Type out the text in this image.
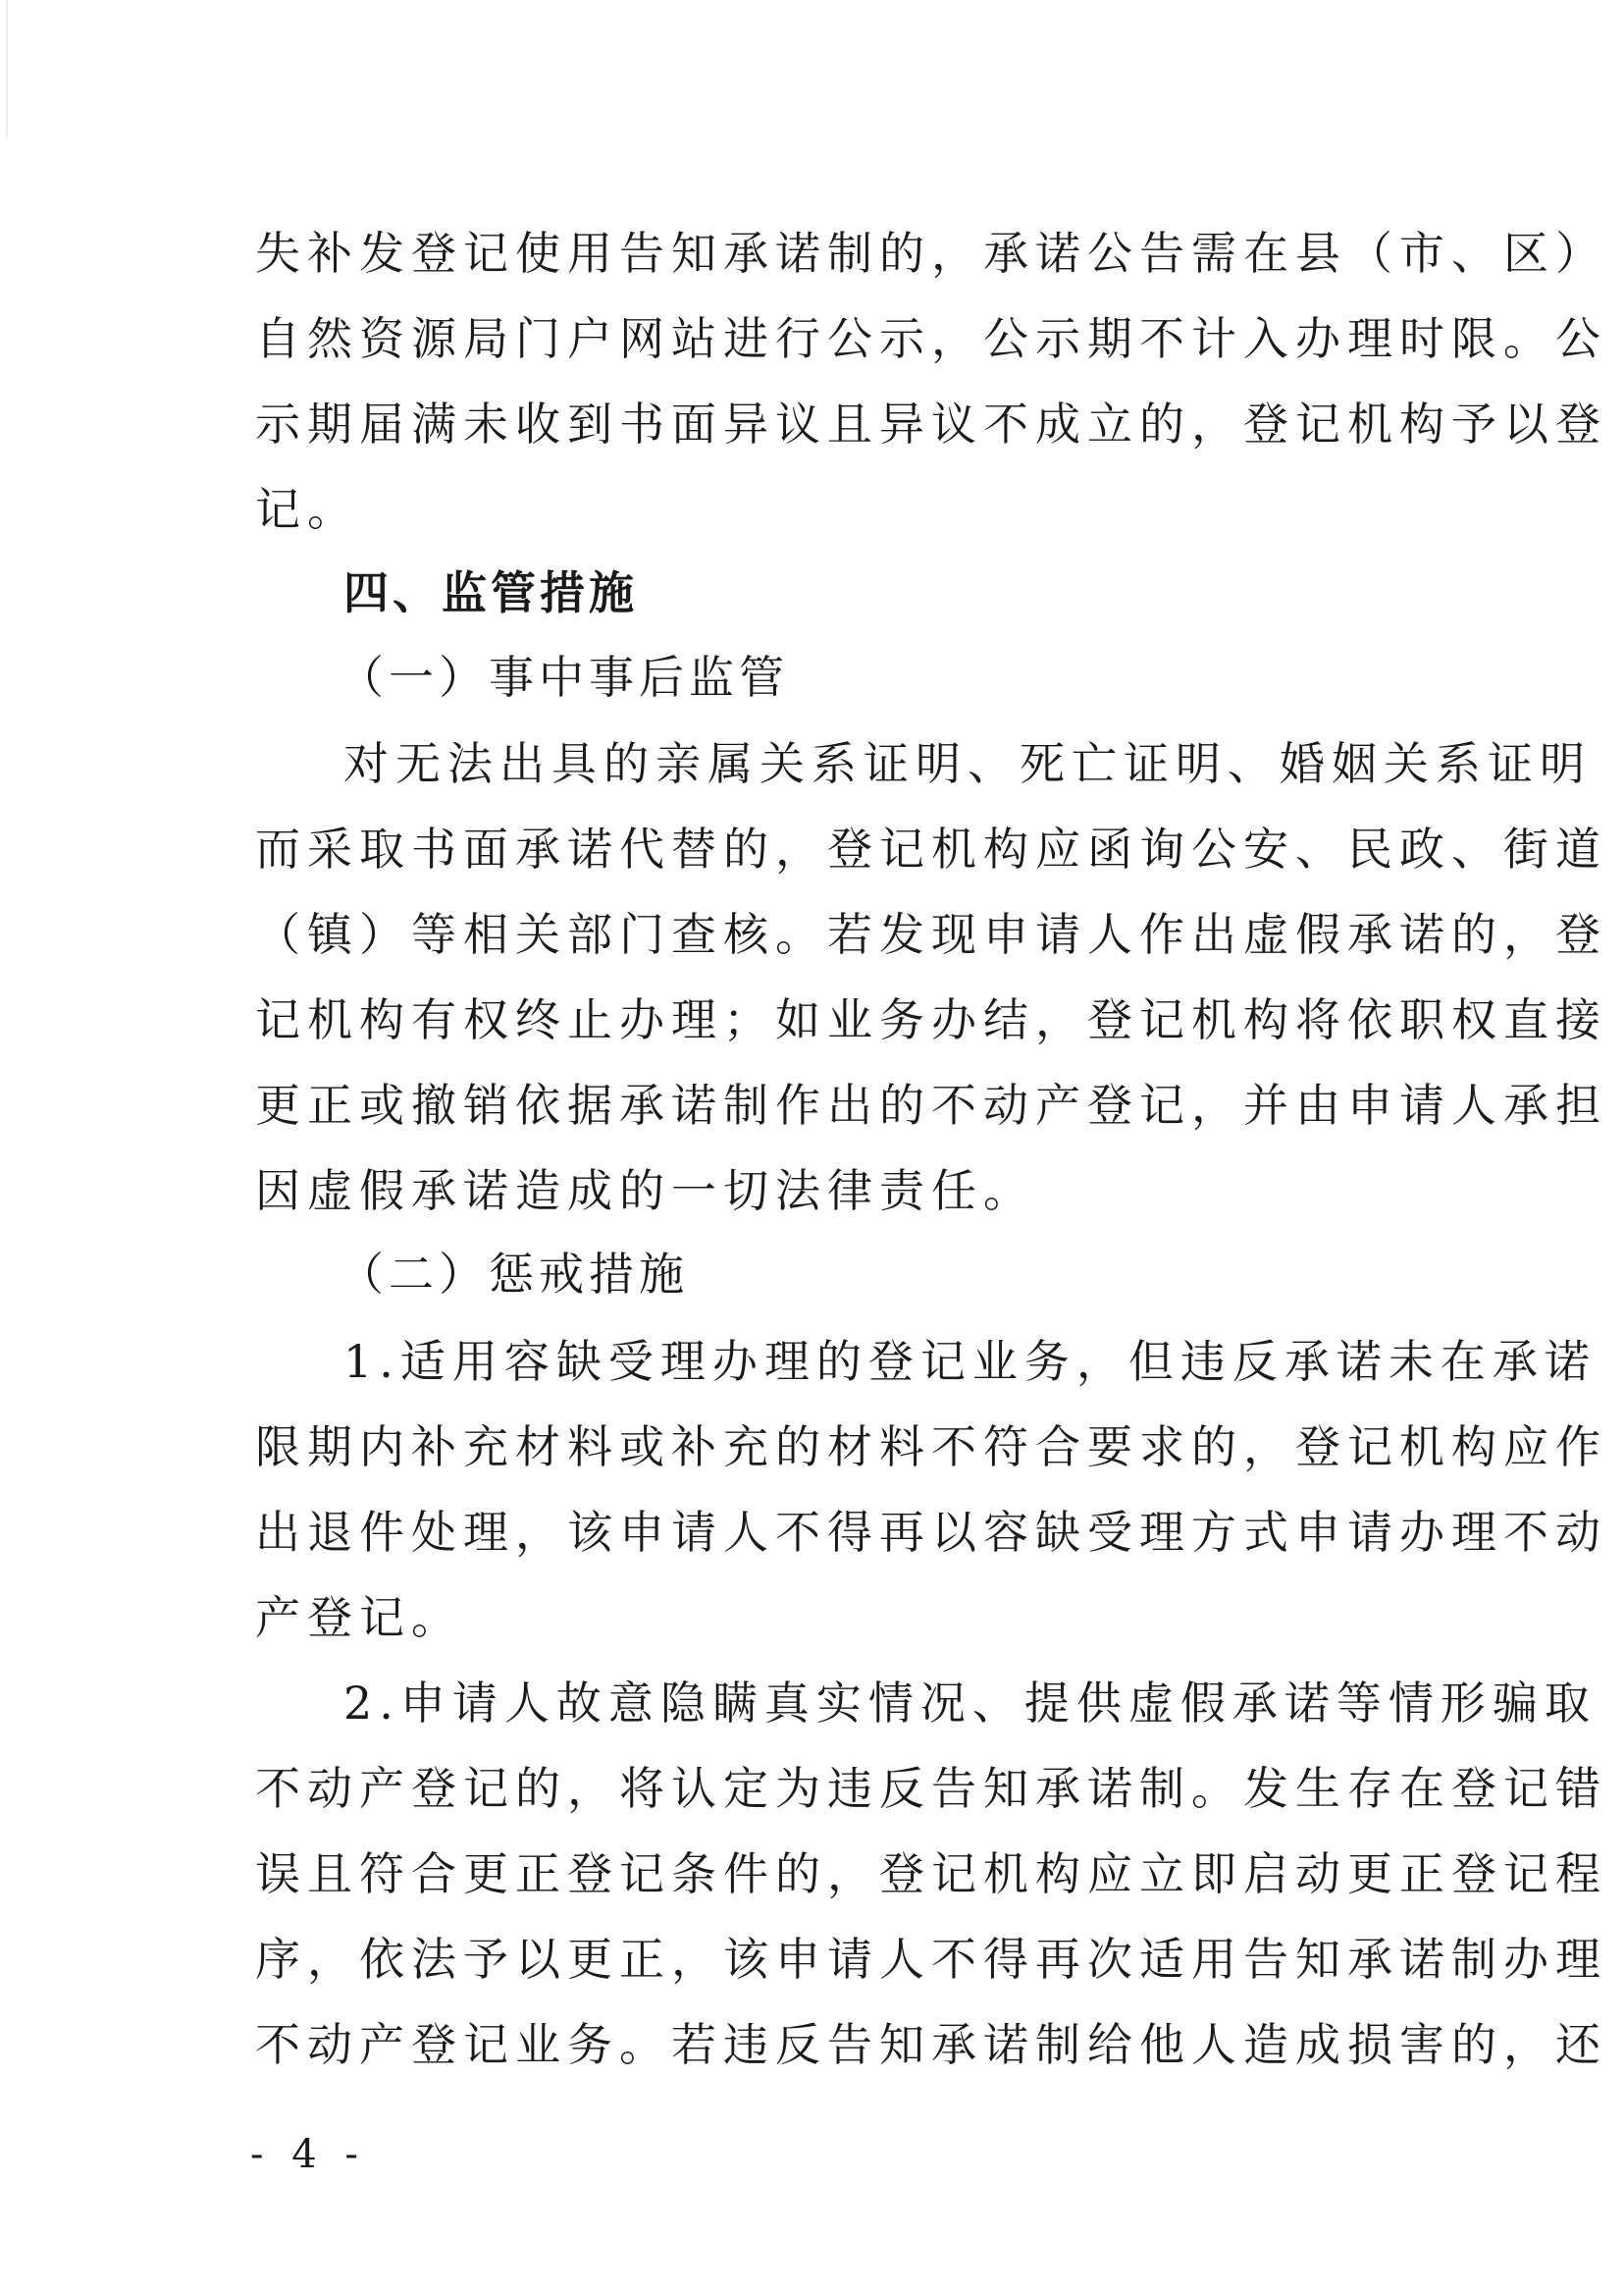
失补发登记使用告知承诺制的，承诺公告需在县（市、区）
自然资源局门户网站进行公示，公示期不计入办理时限。公
示期届满未收到书面异议且异议不成立的，登记机构予以登
记。
四、监管措施
（一）事中事后监管
对无法出具的亲属关系证明、死亡证明、婚姻关系证明
而采取书面承诺代替的，登记机构应函询公安、民政、街道
（镇）等相关部门查核。若发现申请人作出虚假承诺的，登
记机构有权终止办理；如业务办结，登记机构将依职权直接
更正或撤销依据承诺制作出的不动产登记，并由申请人承担
因虚假承诺造成的一切法律责任。
（二）惩戒措施
1.适用容缺受理办理的登记业务，但违反承诺未在承诺
限期内补充材料或补充的材料不符合要求的，登记机构应作
出退件处理，该申请人不得再以容缺受理方式申请办理不动
产登记。
2.申请人故意隐瞒真实情况、提供虚假承诺等情形骗取
不动产登记的，将认定为违反告知承诺制。发生存在登记错
误且符合更正登记条件的，登记机构应立即启动更正登记程
序，依法予以更正，该申请人不得再次适用告知承诺制办理
不动产登记业务。若违反告知承诺制给他人造成损害的，还
- 4 -
